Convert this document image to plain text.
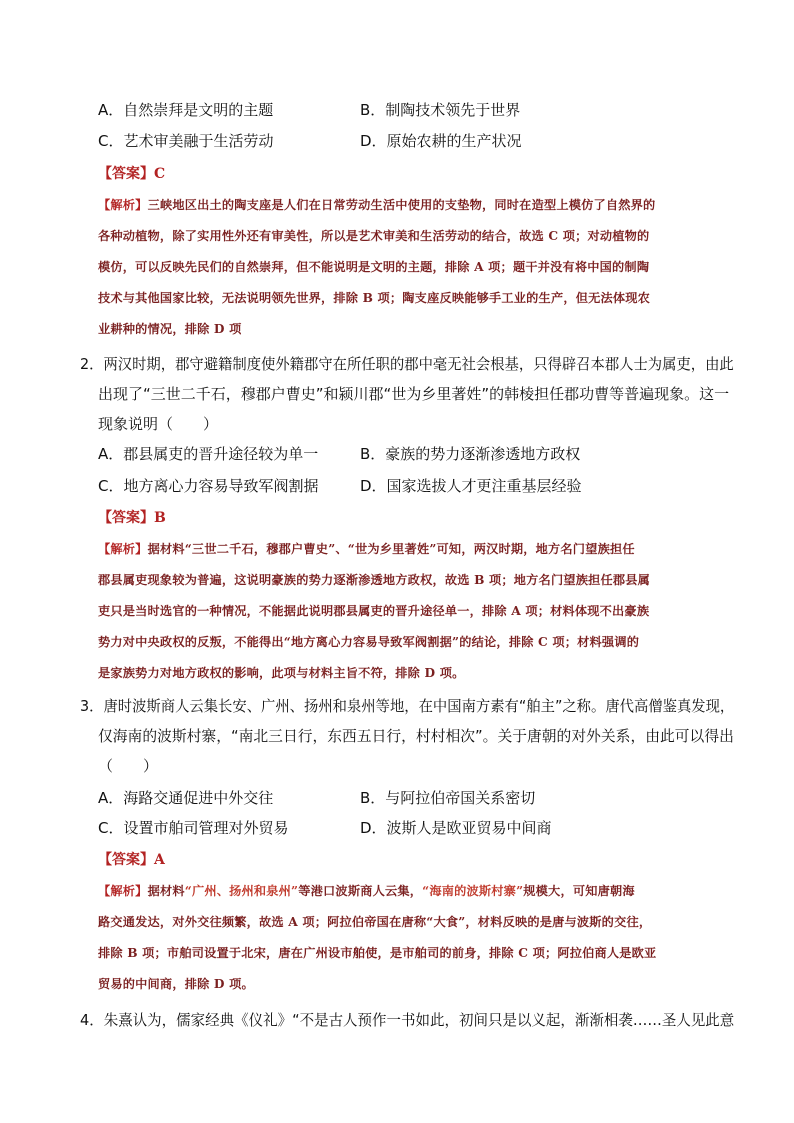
A．自然崇拜是文明的主题	B．制陶技术领先于世界
C．艺术审美融于生活劳动	D．原始农耕的生产状况
【答案】C
【解析】三峡地区出土的陶支座是人们在日常劳动生活中使用的支垫物，同时在造型上模仿了自然界的
各种动植物，除了实用性外还有审美性，所以是艺术审美和生活劳动的结合，故选 C 项；对动植物的
模仿，可以反映先民们的自然崇拜，但不能说明是文明的主题，排除 A 项；题干并没有将中国的制陶
技术与其他国家比较，无法说明领先世界，排除 B 项；陶支座反映能够手工业的生产，但无法体现农
业耕种的情况，排除 D 项
2．两汉时期，郡守避籍制度使外籍郡守在所任职的郡中毫无社会根基，只得辟召本郡人士为属吏，由此
出现了“三世二千石，穆郡户曹史”和颍川郡“世为乡里著姓”的韩棱担任郡功曹等普遍现象。这一
现象说明（　　）
A．郡县属吏的晋升途径较为单一	B．豪族的势力逐渐渗透地方政权
C．地方离心力容易导致军阀割据	D．国家选拔人才更注重基层经验
【答案】B
【解析】据材料“三世二千石，穆郡户曹史”、“世为乡里著姓”可知，两汉时期，地方名门望族担任
郡县属吏现象较为普遍，这说明豪族的势力逐渐渗透地方政权，故选 B 项；地方名门望族担任郡县属
吏只是当时选官的一种情况，不能据此说明郡县属吏的晋升途径单一，排除 A 项；材料体现不出豪族
势力对中央政权的反叛，不能得出“地方离心力容易导致军阀割据”的结论，排除 C 项；材料强调的
是家族势力对地方政权的影响，此项与材料主旨不符，排除 D 项。
3．唐时波斯商人云集长安、广州、扬州和泉州等地，在中国南方素有“舶主”之称。唐代高僧鉴真发现，
仅海南的波斯村寨，“南北三日行，东西五日行，村村相次”。关于唐朝的对外关系，由此可以得出
（　　）
A．海路交通促进中外交往	B．与阿拉伯帝国关系密切
C．设置市舶司管理对外贸易	D．波斯人是欧亚贸易中间商
【答案】A
【解析】据材料“广州、扬州和泉州”等港口波斯商人云集，“海南的波斯村寨”规模大，可知唐朝海
路交通发达，对外交往频繁，故选 A 项；阿拉伯帝国在唐称“大食”，材料反映的是唐与波斯的交往，
排除 B 项；市舶司设置于北宋，唐在广州设市舶使，是市舶司的前身，排除 C 项；阿拉伯商人是欧亚
贸易的中间商，排除 D 项。
4．朱熹认为，儒家经典《仪礼》“不是古人预作一书如此，初间只是以义起，渐渐相袭……圣人见此意
